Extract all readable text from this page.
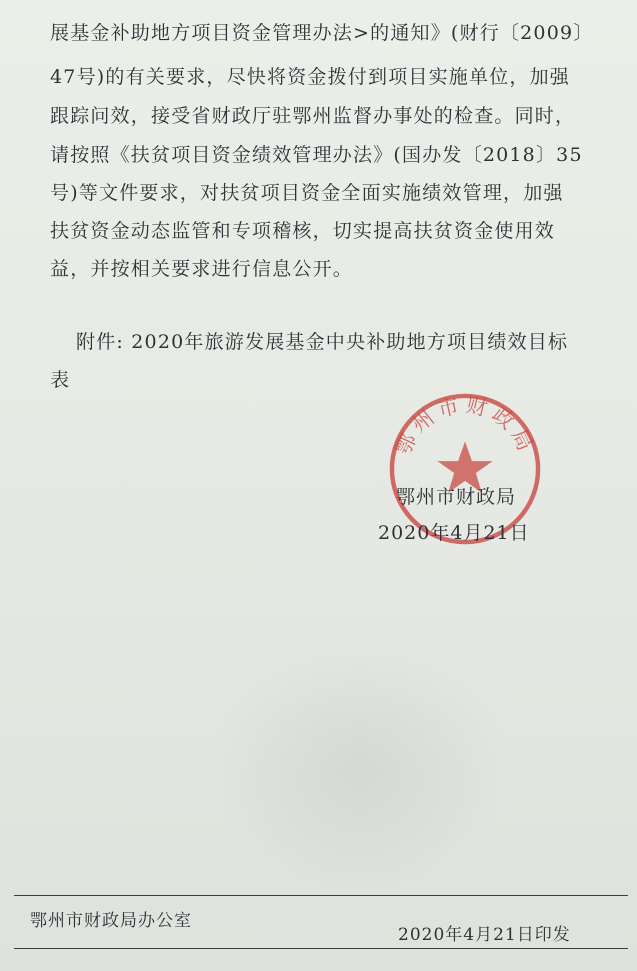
展基金补助地方项目资金管理办法>的通知》(财行〔2009〕

47号)的有关要求，尽快将资金拨付到项目实施单位，加强

跟踪问效，接受省财政厅驻鄂州监督办事处的检查。同时，

请按照《扶贫项目资金绩效管理办法》(国办发〔2018〕35

号)等文件要求，对扶贫项目资金全面实施绩效管理，加强

扶贫资金动态监管和专项稽核，切实提高扶贫资金使用效

益，并按相关要求进行信息公开。

附件: 2020年旅游发展基金中央补助地方项目绩效目标

表

鄂州市财政局

鄂州市财政局

2020年4月21日

鄂州市财政局办公室

2020年4月21日印发
